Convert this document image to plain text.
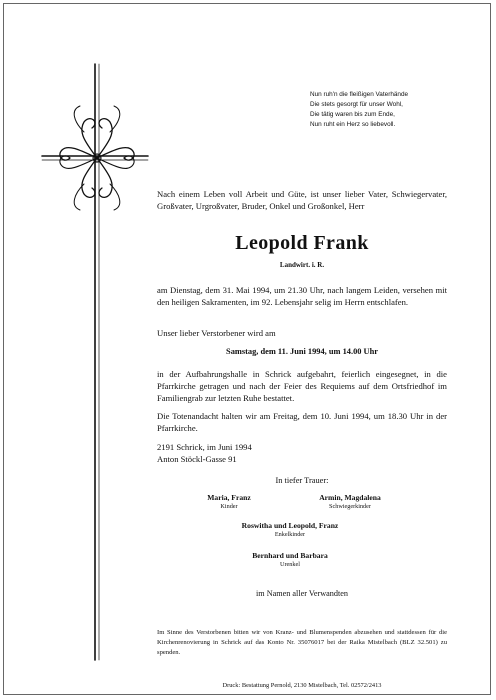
Nun ruh'n die fleißigen Vaterhände
Die stets gesorgt für unser Wohl,
Die tätig waren bis zum Ende,
Nun ruht ein Herz so liebevoll.
Nach einem Leben voll Arbeit und Güte, ist unser lieber Vater, Schwiegervater, Großvater, Urgroßvater, Bruder, Onkel und Großonkel, Herr
Leopold Frank
Landwirt. i. R.
am Dienstag, dem 31. Mai 1994, um 21.30 Uhr, nach langem Leiden, versehen mit den heiligen Sakramenten, im 92. Lebensjahr selig im Herrn entschlafen.
Unser lieber Verstorbener wird am
Samstag, dem 11. Juni 1994, um 14.00 Uhr
in der Aufbahrungshalle in Schrick aufgebahrt, feierlich eingesegnet, in die Pfarrkirche getragen und nach der Feier des Requiems auf dem Ortsfriedhof im Familiengrab zur letzten Ruhe bestattet.
Die Totenandacht halten wir am Freitag, dem 10. Juni 1994, um 18.30 Uhr in der Pfarrkirche.
2191 Schrick, im Juni 1994
Anton Stöckl-Gasse 91
In tiefer Trauer:
Maria, Franz
Kinder
Armin, Magdalena
Schwiegerkinder
Roswitha und Leopold, Franz
Enkelkinder
Bernhard und Barbara
Urenkel
im Namen aller Verwandten
Im Sinne des Verstorbenen bitten wir von Kranz- und Blumenspenden abzusehen und stattdessen für die Kirchenrenovierung in Schrick auf das Konto Nr. 35076017 bei der Raika Mistelbach (BLZ 32.501) zu spenden.
Druck: Bestattung Pernold, 2130 Mistelbach, Tel. 02572/2413
